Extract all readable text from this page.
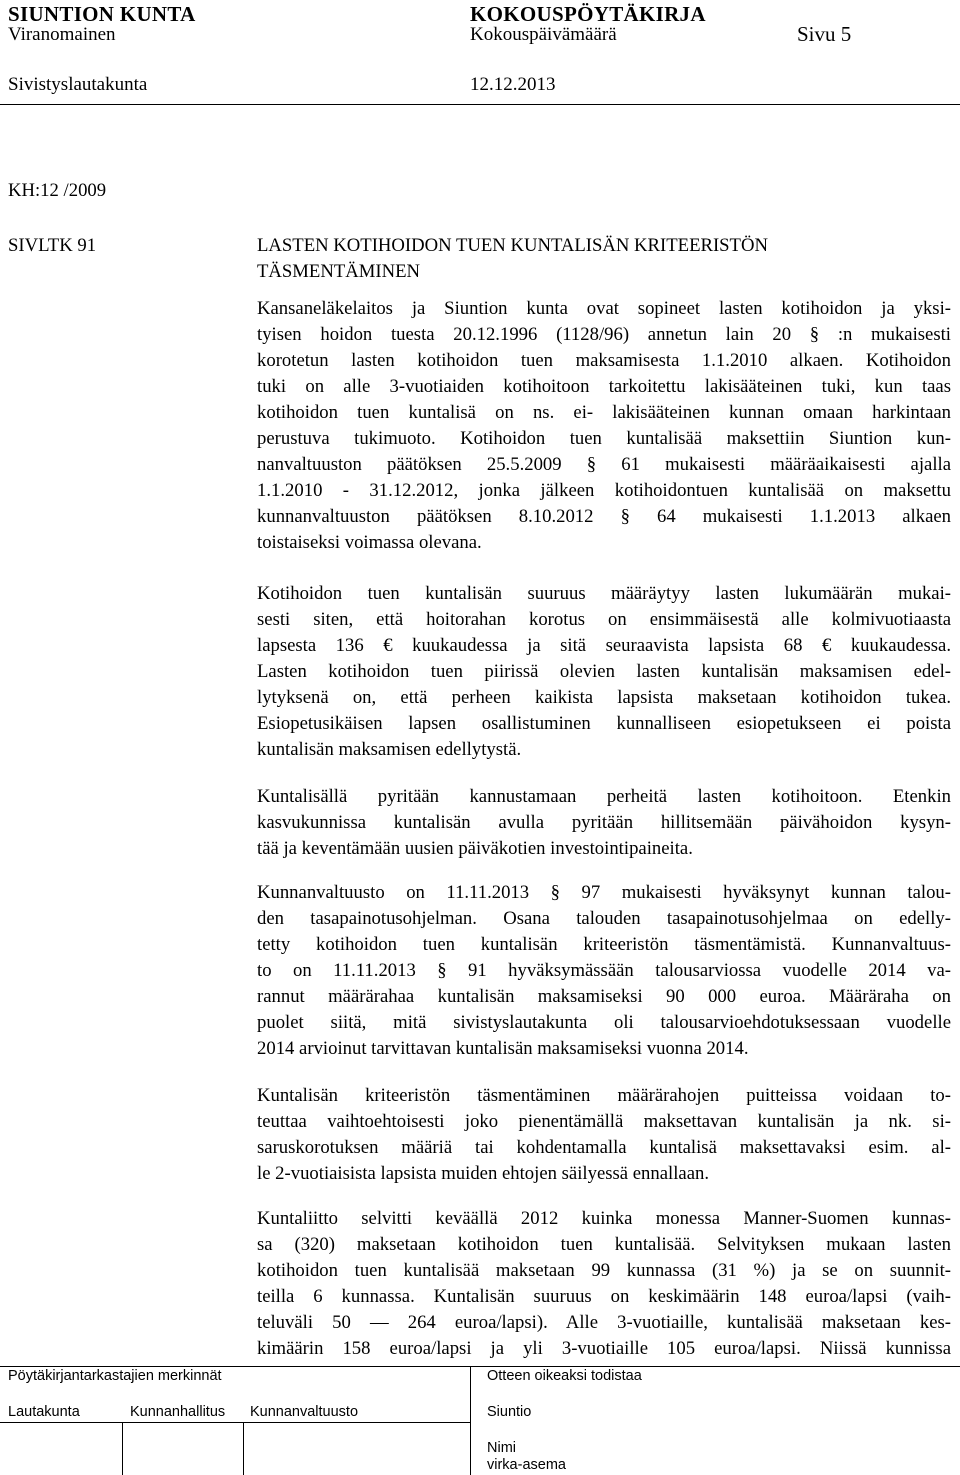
SIUNTION KUNTA	KOKOUSPÖYTÄKIRJA
Viranomainen	Kokouspäivämäärä	Sivu 5
Sivistyslautakunta	12.12.2013
KH:12 /2009
SIVLTK 91	LASTEN KOTIHOIDON TUEN KUNTALISÄN KRITEERISTÖN
TÄSMENTÄMINEN
Kansaneläkelaitos ja Siuntion kunta ovat sopineet lasten kotihoidon ja yksi-
tyisen hoidon tuesta 20.12.1996 (1128/96) annetun lain 20 § :n mukaisesti
korotetun lasten kotihoidon tuen maksamisesta 1.1.2010 alkaen. Kotihoidon
tuki on alle 3-vuotiaiden kotihoitoon tarkoitettu lakisääteinen tuki, kun taas
kotihoidon tuen kuntalisä on ns. ei- lakisääteinen kunnan omaan harkintaan
perustuva tukimuoto. Kotihoidon tuen kuntalisää maksettiin Siuntion kun-
nanvaltuuston päätöksen 25.5.2009 § 61 mukaisesti määräaikaisesti ajalla
1.1.2010 - 31.12.2012, jonka jälkeen kotihoidontuen kuntalisää on maksettu
kunnanvaltuuston päätöksen 8.10.2012 § 64 mukaisesti 1.1.2013 alkaen
toistaiseksi voimassa olevana.
Kotihoidon tuen kuntalisän suuruus määräytyy lasten lukumäärän mukai-
sesti siten, että hoitorahan korotus on ensimmäisestä alle kolmivuotiaasta
lapsesta 136 € kuukaudessa ja sitä seuraavista lapsista 68 € kuukaudessa.
Lasten kotihoidon tuen piirissä olevien lasten kuntalisän maksamisen edel-
lytyksenä on, että perheen kaikista lapsista maksetaan kotihoidon tukea.
Esiopetusikäisen lapsen osallistuminen kunnalliseen esiopetukseen ei poista
kuntalisän maksamisen edellytystä.
Kuntalisällä pyritään kannustamaan perheitä lasten kotihoitoon. Etenkin
kasvukunnissa kuntalisän avulla pyritään hillitsemään päivähoidon kysyn-
tää ja keventämään uusien päiväkotien investointipaineita.
Kunnanvaltuusto on 11.11.2013 § 97 mukaisesti hyväksynyt kunnan talou-
den tasapainotusohjelman. Osana talouden tasapainotusohjelmaa on edelly-
tetty kotihoidon tuen kuntalisän kriteeristön täsmentämistä. Kunnanvaltuus-
to on 11.11.2013 § 91 hyväksymässään talousarviossa vuodelle 2014 va-
rannut määrärahaa kuntalisän maksamiseksi 90 000 euroa. Määräraha on
puolet siitä, mitä sivistyslautakunta oli talousarvioehdotuksessaan vuodelle
2014 arvioinut tarvittavan kuntalisän maksamiseksi vuonna 2014.
Kuntalisän kriteeristön täsmentäminen määrärahojen puitteissa voidaan to-
teuttaa vaihtoehtoisesti joko pienentämällä maksettavan kuntalisän ja nk. si-
saruskorotuksen määriä tai kohdentamalla kuntalisä maksettavaksi esim. al-
le 2-vuotiaisista lapsista muiden ehtojen säilyessä ennallaan.
Kuntaliitto selvitti keväällä 2012 kuinka monessa Manner-Suomen kunnas-
sa (320) maksetaan kotihoidon tuen kuntalisää. Selvityksen mukaan lasten
kotihoidon tuen kuntalisää maksetaan 99 kunnassa (31 %) ja se on suunnit-
teilla 6 kunnassa. Kuntalisän suuruus on keskimäärin 148 euroa/lapsi (vaih-
teluväli 50 — 264 euroa/lapsi). Alle 3-vuotiaille, kuntalisää maksetaan kes-
kimäärin 158 euroa/lapsi ja yli 3-vuotiaille 105 euroa/lapsi. Niissä kunnissa
Pöytäkirjantarkastajien merkinnät	Otteen oikeaksi todistaa
Lautakunta	Kunnanhallitus Kunnanvaltuusto	Siuntio
Nimi
virka-asema
